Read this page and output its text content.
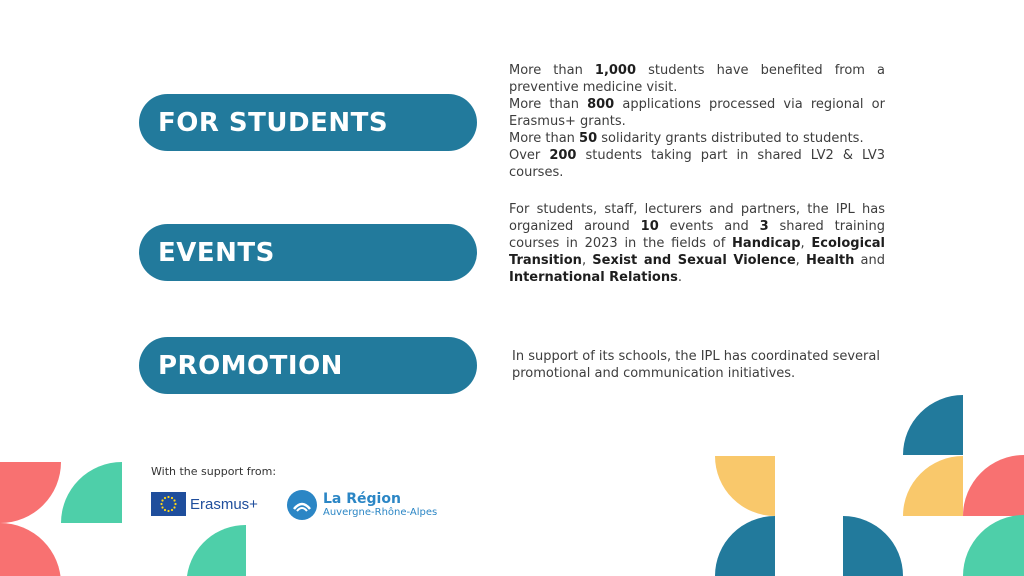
FOR STUDENTS
EVENTS
PROMOTION

More than 1,000 students have benefited from a preventive medicine visit.

More than 800 applications processed via regional or Erasmus+ grants.

More than 50 solidarity grants distributed to students.

Over 200 students taking part in shared LV2 & LV3 courses.

For students, staff, lecturers and partners, the IPL has organized around 10 events and 3 shared training courses in 2023 in the fields of Handicap, Ecological Transition, Sexist and Sexual Violence, Health and International Relations.

In support of its schools, the IPL has coordinated several promotional and communication initiatives.

With the support from:
Erasmus+	La Région
Auvergne-Rhône-Alpes
